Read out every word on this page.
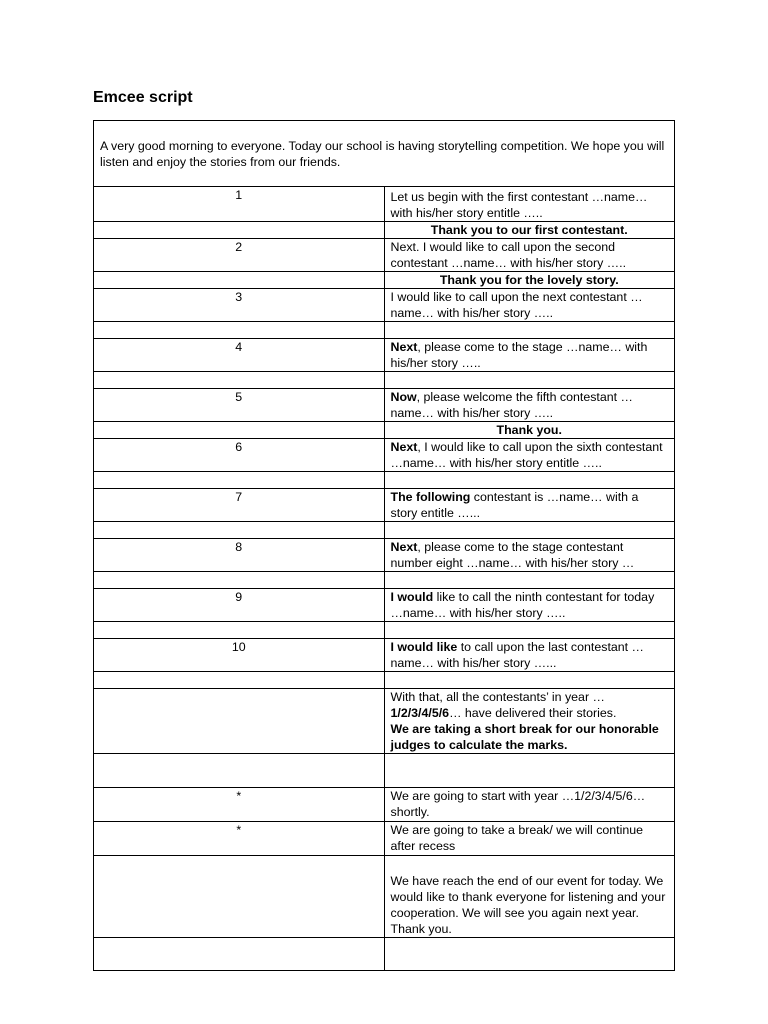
Emcee script
A very good morning to everyone. Today our school is having storytelling competition. We hope you will listen and enjoy the stories from our friends.	
1	Let us begin with the first contestant …name… with his/her story entitle …..
	Thank you to our first contestant.
2	Next. I would like to call upon the second contestant …name… with his/her story …..
	Thank you for the lovely story.
3	I would like to call upon the next contestant …name… with his/her story …..

4	Next, please come to the stage …name… with his/her story …..

5	Now, please welcome the fifth contestant …name… with his/her story …..
	Thank you.
6	Next, I would like to call upon the sixth contestant …name… with his/her story entitle …..

7	The following contestant is …name… with a story entitle …...

8	Next, please come to the stage contestant number eight …name… with his/her story …

9	I would like to call the ninth contestant for today …name… with his/her story …..

10	I would like to call upon the last contestant …name… with his/her story …...

	With that, all the contestants’ in year … 1/2/3/4/5/6… have delivered their stories.
We are taking a short break for our honorable judges to calculate the marks.

*	We are going to start with year …1/2/3/4/5/6… shortly.
*	We are going to take a break/ we will continue after recess
	We have reach the end of our event for today. We would like to thank everyone for listening and your cooperation. We will see you again next year. Thank you.
